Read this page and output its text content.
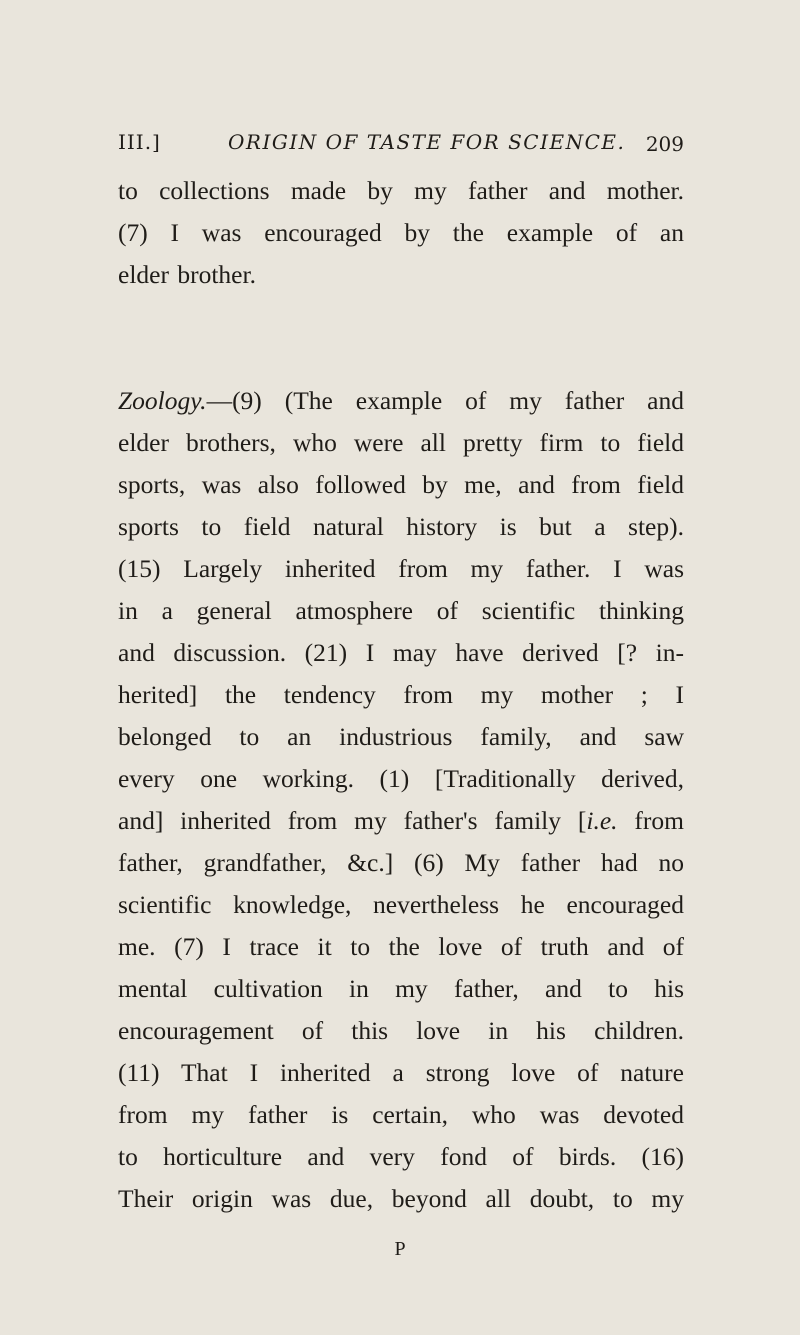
III.]	ORIGIN OF TASTE FOR SCIENCE. 209
to collections made by my father and mother.
(7) I was encouraged by the example of an
elder brother.
Zoology.—(9) (The example of my father and
elder brothers, who were all pretty firm to field
sports, was also followed by me, and from field
sports to field natural history is but a step).
(15) Largely inherited from my father. I was
in a general atmosphere of scientific thinking
and discussion. (21) I may have derived [? in-
herited] the tendency from my mother ; I
belonged to an industrious family, and saw
every one working. (1) [Traditionally derived,
and] inherited from my father's family [i.e. from
father, grandfather, &c.] (6) My father had no
scientific knowledge, nevertheless he encouraged
me. (7) I trace it to the love of truth and of
mental cultivation in my father, and to his
encouragement of this love in his children.
(11) That I inherited a strong love of nature
from my father is certain, who was devoted
to horticulture and very fond of birds. (16)
Their origin was due, beyond all doubt, to my
P
